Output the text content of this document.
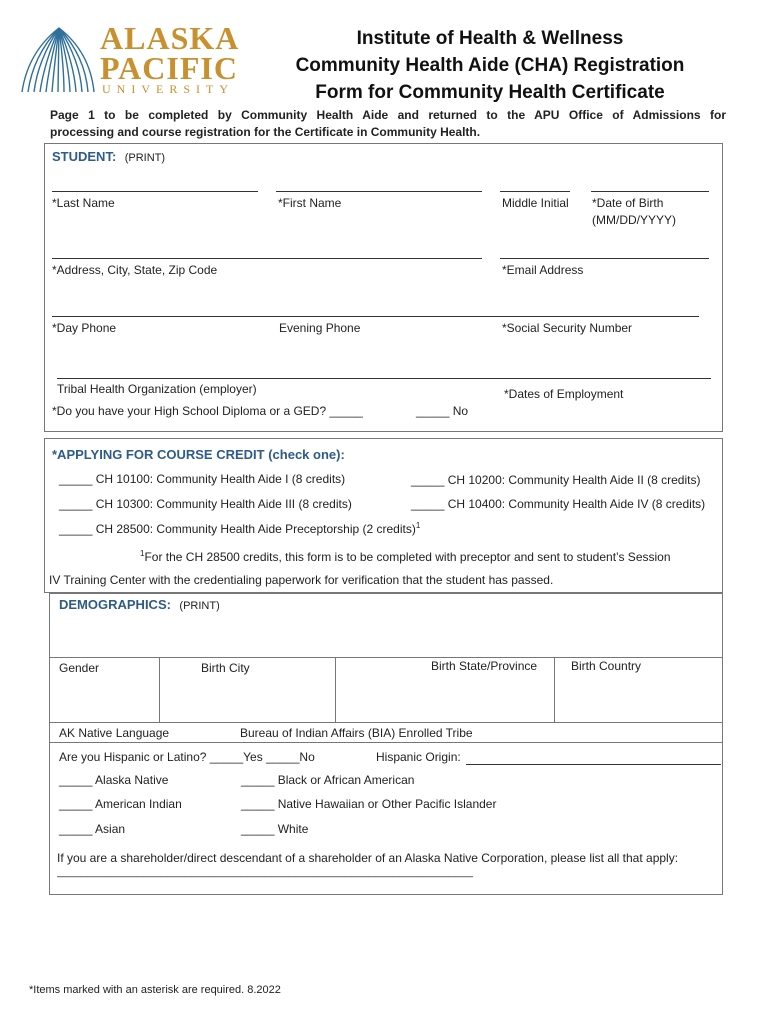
ALASKA
PACIFIC
UNIVERSITY
Institute of Health & Wellness
Community Health Aide (CHA) Registration
Form for Community Health Certificate
Page 1 to be completed by Community Health Aide and returned to the APU Office of Admissions for
processing and course registration for the Certificate in Community Health.
STUDENT: (PRINT)
*Last Name	*First Name	Middle Initial *Date of Birth
(MM/DD/YYYY)
*Address, City, State, Zip Code	*Email Address
*Day Phone	Evening Phone	*Social Security Number
Tribal Health Organization (employer)	*Dates of Employment
*Do you have your High School Diploma or a GED? _____	_____ No
*APPLYING FOR COURSE CREDIT (check one):
_____ CH 10100: Community Health Aide I (8 credits)	_____ CH 10200: Community Health Aide II (8 credits)
_____ CH 10300: Community Health Aide III (8 credits)	_____ CH 10400: Community Health Aide IV (8 credits)
_____ CH 28500: Community Health Aide Preceptorship (2 credits)$^1$
$^1$For the CH 28500 credits, this form is to be completed with preceptor and sent to student’s Session
IV Training Center with the credentialing paperwork for verification that the student has passed.
DEMOGRAPHICS: (PRINT)
Gender	Birth City	Birth State/Province	Birth Country
AK Native Language	Bureau of Indian Affairs (BIA) Enrolled Tribe
Are you Hispanic or Latino? _____Yes _____No	Hispanic Origin:
_____ Alaska Native	_____ Black or African American
_____ American Indian	_____ Native Hawaiian or Other Pacific Islander
_____ Asian	_____ White
If you are a shareholder/direct descendant of a shareholder of an Alaska Native Corporation, please list all that apply:
____________________________________________________________________
*Items marked with an asterisk are required. 8.2022
